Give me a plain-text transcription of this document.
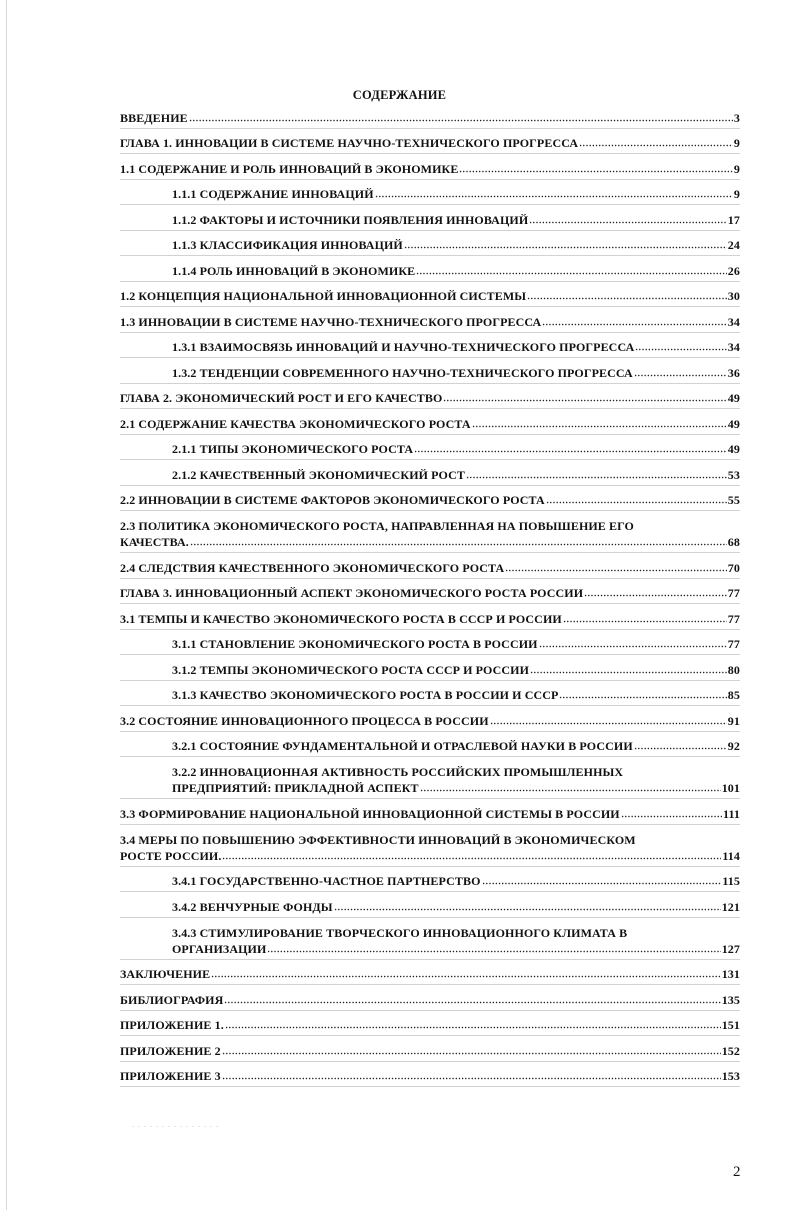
СОДЕРЖАНИЕ
ВВЕДЕНИЕ	3
ГЛАВА 1. ИННОВАЦИИ В СИСТЕМЕ НАУЧНО-ТЕХНИЧЕСКОГО ПРОГРЕССА	9
1.1 СОДЕРЖАНИЕ И РОЛЬ ИННОВАЦИЙ В ЭКОНОМИКЕ	9
1.1.1 СОДЕРЖАНИЕ ИННОВАЦИЙ	9
1.1.2 ФАКТОРЫ И ИСТОЧНИКИ ПОЯВЛЕНИЯ ИННОВАЦИЙ	17
1.1.3 КЛАССИФИКАЦИЯ ИННОВАЦИЙ	24
1.1.4 РОЛЬ ИННОВАЦИЙ В ЭКОНОМИКЕ	26
1.2 КОНЦЕПЦИЯ НАЦИОНАЛЬНОЙ ИННОВАЦИОННОЙ СИСТЕМЫ	30
1.3 ИННОВАЦИИ В СИСТЕМЕ НАУЧНО-ТЕХНИЧЕСКОГО ПРОГРЕССА	34
1.3.1 ВЗАИМОСВЯЗЬ ИННОВАЦИЙ И НАУЧНО-ТЕХНИЧЕСКОГО ПРОГРЕССА	34
1.3.2 ТЕНДЕНЦИИ СОВРЕМЕННОГО НАУЧНО-ТЕХНИЧЕСКОГО ПРОГРЕССА	36
ГЛАВА 2. ЭКОНОМИЧЕСКИЙ РОСТ И ЕГО КАЧЕСТВО	49
2.1 СОДЕРЖАНИЕ КАЧЕСТВА ЭКОНОМИЧЕСКОГО РОСТА	49
2.1.1 ТИПЫ ЭКОНОМИЧЕСКОГО РОСТА	49
2.1.2 КАЧЕСТВЕННЫЙ ЭКОНОМИЧЕСКИЙ РОСТ	53
2.2 ИННОВАЦИИ В СИСТЕМЕ ФАКТОРОВ ЭКОНОМИЧЕСКОГО РОСТА	55
2.3 ПОЛИТИКА ЭКОНОМИЧЕСКОГО РОСТА, НАПРАВЛЕННАЯ НА ПОВЫШЕНИЕ ЕГО
КАЧЕСТВА.	68
2.4 СЛЕДСТВИЯ КАЧЕСТВЕННОГО ЭКОНОМИЧЕСКОГО РОСТА	70
ГЛАВА 3. ИННОВАЦИОННЫЙ АСПЕКТ ЭКОНОМИЧЕСКОГО РОСТА РОССИИ	77
3.1 ТЕМПЫ И КАЧЕСТВО ЭКОНОМИЧЕСКОГО РОСТА В СССР И РОССИИ	77
3.1.1 СТАНОВЛЕНИЕ ЭКОНОМИЧЕСКОГО РОСТА В РОССИИ	77
3.1.2 ТЕМПЫ ЭКОНОМИЧЕСКОГО РОСТА СССР И РОССИИ	80
3.1.3 КАЧЕСТВО ЭКОНОМИЧЕСКОГО РОСТА В РОССИИ И СССР	85
3.2 СОСТОЯНИЕ ИННОВАЦИОННОГО ПРОЦЕССА В РОССИИ	91
3.2.1 СОСТОЯНИЕ ФУНДАМЕНТАЛЬНОЙ И ОТРАСЛЕВОЙ НАУКИ В РОССИИ	92
3.2.2 ИННОВАЦИОННАЯ АКТИВНОСТЬ РОССИЙСКИХ ПРОМЫШЛЕННЫХ
ПРЕДПРИЯТИЙ: ПРИКЛАДНОЙ АСПЕКТ	101
3.3 ФОРМИРОВАНИЕ НАЦИОНАЛЬНОЙ ИННОВАЦИОННОЙ СИСТЕМЫ В РОССИИ	111
3.4 МЕРЫ ПО ПОВЫШЕНИЮ ЭФФЕКТИВНОСТИ ИННОВАЦИЙ В ЭКОНОМИЧЕСКОМ
РОСТЕ РОССИИ.	114
3.4.1 ГОСУДАРСТВЕННО-ЧАСТНОЕ ПАРТНЕРСТВО	115
3.4.2 ВЕНЧУРНЫЕ ФОНДЫ	121
3.4.3 СТИМУЛИРОВАНИЕ ТВОРЧЕСКОГО ИННОВАЦИОННОГО КЛИМАТА В
ОРГАНИЗАЦИИ	127
ЗАКЛЮЧЕНИЕ	131
БИБЛИОГРАФИЯ	135
ПРИЛОЖЕНИЕ 1.	151
ПРИЛОЖЕНИЕ 2	152
ПРИЛОЖЕНИЕ 3	153
2
